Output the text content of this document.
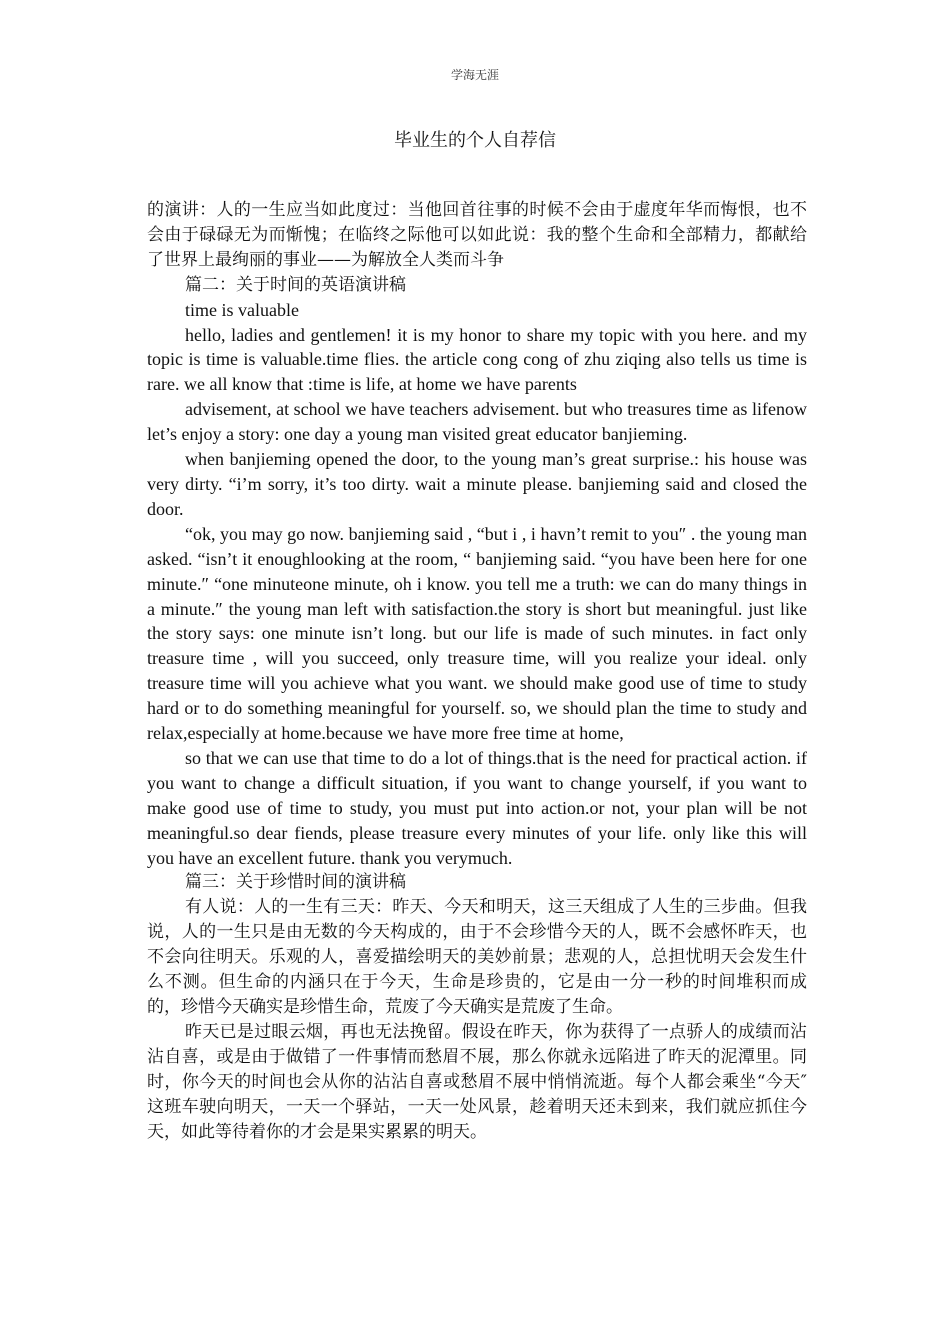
学海无涯
毕业生的个人自荐信

的演讲：人的一生应当如此度过：当他回首往事的时候不会由于虚度年华而悔恨，也不会由于碌碌无为而惭愧；在临终之际他可以如此说：我的整个生命和全部精力，都献给了世界上最绚丽的事业——为解放全人类而斗争

篇二：关于时间的英语演讲稿

time is valuable

hello, ladies and gentlemen! it is my honor to share my topic with you here. and my topic is time is valuable.time flies. the article cong cong of zhu ziqing also tells us time is rare. we all know that :time is life, at home we have parents

advisement, at school we have teachers advisement. but who treasures time as lifenow let’s enjoy a story: one day a young man visited great educator banjieming.

when banjieming opened the door, to the young man’s great surprise.: his house was very dirty. “i’m sorry, it’s too dirty. wait a minute please. banjieming said and closed the door.

“ok, you may go now. banjieming said , “but i , i havn’t remit to you″ . the young man asked. “isn’t it enoughlooking at the room, “ banjieming said. “you have been here for one minute.″ “one minuteone minute, oh i know. you tell me a truth: we can do many things in a minute.″ the young man left with satisfaction.the story is short but meaningful. just like the story says: one minute isn’t long. but our life is made of such minutes. in fact only treasure time , will you succeed, only treasure time, will you realize your ideal. only treasure time will you achieve what you want. we should make good use of time to study hard or to do something meaningful for yourself. so, we should plan the time to study and relax,especially at home.because we have more free time at home,

so that we can use that time to do a lot of things.that is the need for practical action. if you want to change a difficult situation, if you want to change yourself, if you want to make good use of time to study, you must put into action.or not, your plan will be not meaningful.so dear fiends, please treasure every minutes of your life. only like this will you have an excellent future. thank you verymuch.

篇三：关于珍惜时间的演讲稿

有人说：人的一生有三天：昨天、今天和明天，这三天组成了人生的三步曲。但我说，人的一生只是由无数的今天构成的，由于不会珍惜今天的人，既不会感怀昨天，也不会向往明天。乐观的人，喜爱描绘明天的美妙前景；悲观的人，总担忧明天会发生什么不测。但生命的内涵只在于今天，生命是珍贵的，它是由一分一秒的时间堆积而成的，珍惜今天确实是珍惜生命，荒废了今天确实是荒废了生命。

昨天已是过眼云烟，再也无法挽留。假设在昨天，你为获得了一点骄人的成绩而沾沾自喜，或是由于做错了一件事情而愁眉不展，那么你就永远陷进了昨天的泥潭里。同时，你今天的时间也会从你的沾沾自喜或愁眉不展中悄悄流逝。每个人都会乘坐“今天″这班车驶向明天，一天一个驿站，一天一处风景，趁着明天还未到来，我们就应抓住今天，如此等待着你的才会是果实累累的明天。
